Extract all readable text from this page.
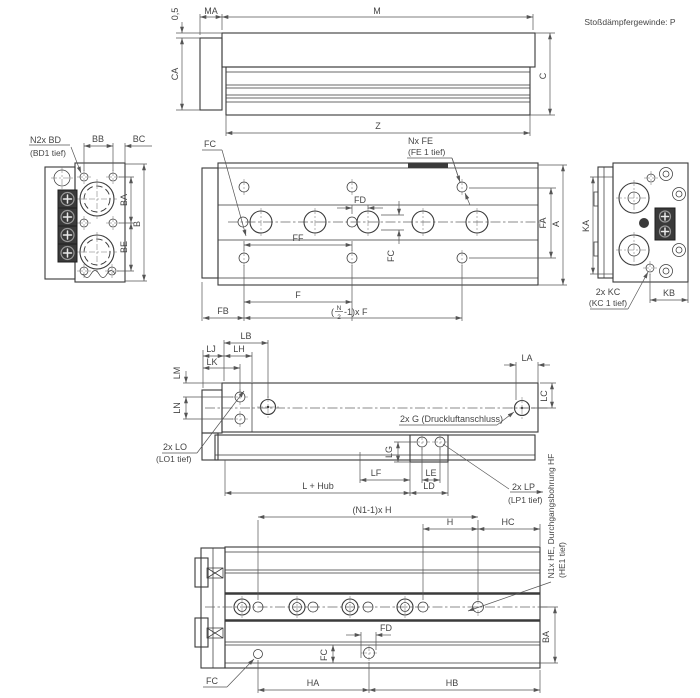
MA	M
0,5
CA	C
Z
Stoßdämpfergewinde: P
N2x BD
(BD1 tief)
BB	BC
BA
B
BE
FC	Nx FE
(FE 1 tief)
FD
FF
FC
FA A
F
FB	( N
2
-1)x F
KA
2x KC
(KC 1 tief)
KB
LB
LJ LH
LK
LM
LN
2x LO
(LO1 tief)
LA
LC
2x G (Druckluftanschluss)
LG
LF	LE
LD
L + Hub	2x LP
(LP1 tief)
(N1-1)x H
H	HC	N1x HE, Durchgangsbohrung HF (HE1 tief)
BA
FD
FC
HA	HB
FC
